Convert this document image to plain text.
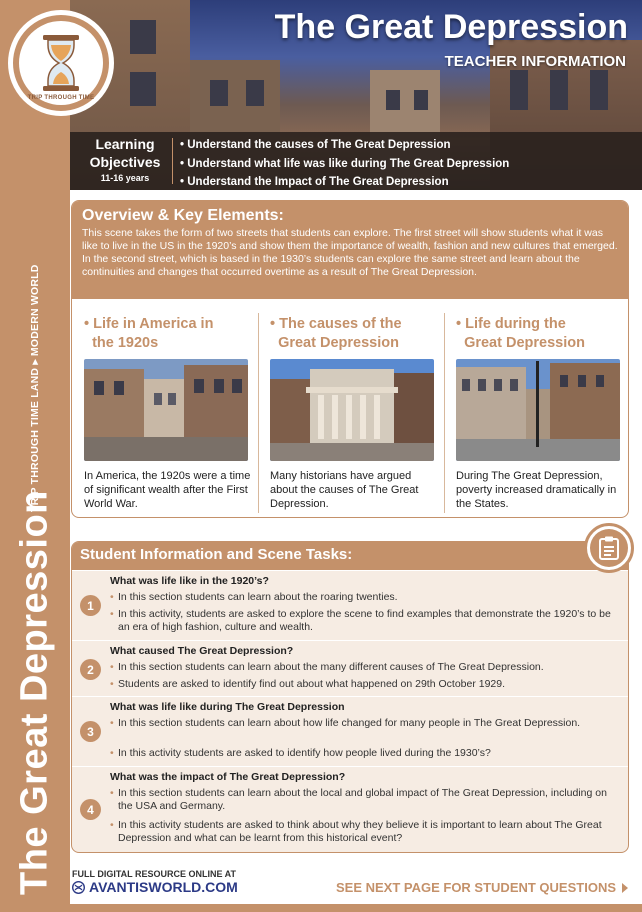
TRIP THROUGH TIME LAND ▸ MODERN WORLD
The Great Depression
TRIP THROUGH TIME
The Great Depression
TEACHER INFORMATION
Learning
Objectives
11-16 years
• Understand the causes of The Great Depression
• Understand what life was like during The Great Depression
• Understand the Impact of The Great Depression
Overview & Key Elements:

This scene takes the form of two streets that students can explore. The first street will show students what it was like to live in the US in the 1920’s and show them the importance of wealth, fashion and new cultures that emerged.

In the second street, which is based in the 1930’s students can explore the same street and learn about the continuities and changes that occurred overtime as a result of The Great Depression.

• Life in America in
the 1920s
In America, the 1920s were a time of significant wealth after the First World War.
• The causes of the
Great Depression
Many historians have argued about the causes of The Great Depression.
• Life during the
Great Depression
During The Great Depression, poverty increased dramatically in the States.
Student Information and Scene Tasks:
1
What was life like in the 1920’s?
• In this section students can learn about the roaring twenties.
• In this activity, students are asked to explore the scene to find examples that demonstrate the 1920’s to be an era of high fashion, culture and wealth.
2
What caused The Great Depression?
• In this section students can learn about the many different causes of The Great Depression.
• Students are asked to identify find out about what happened on 29th October 1929.
3
What was life like during The Great Depression
• In this section students can learn about how life changed for many people in The Great Depression.
• In this activity students are asked to identify how people lived during the 1930’s?
4
What was the impact of The Great Depression?
• In this section students can learn about the local and global impact of The Great Depression, including on the USA and Germany.
• In this activity students are asked to think about why they believe it is important to learn about The Great Depression and what can be learnt from this historical event?
FULL DIGITAL RESOURCE ONLINE AT
AVANTISWORLD.COM	SEE NEXT PAGE FOR STUDENT QUESTIONS
